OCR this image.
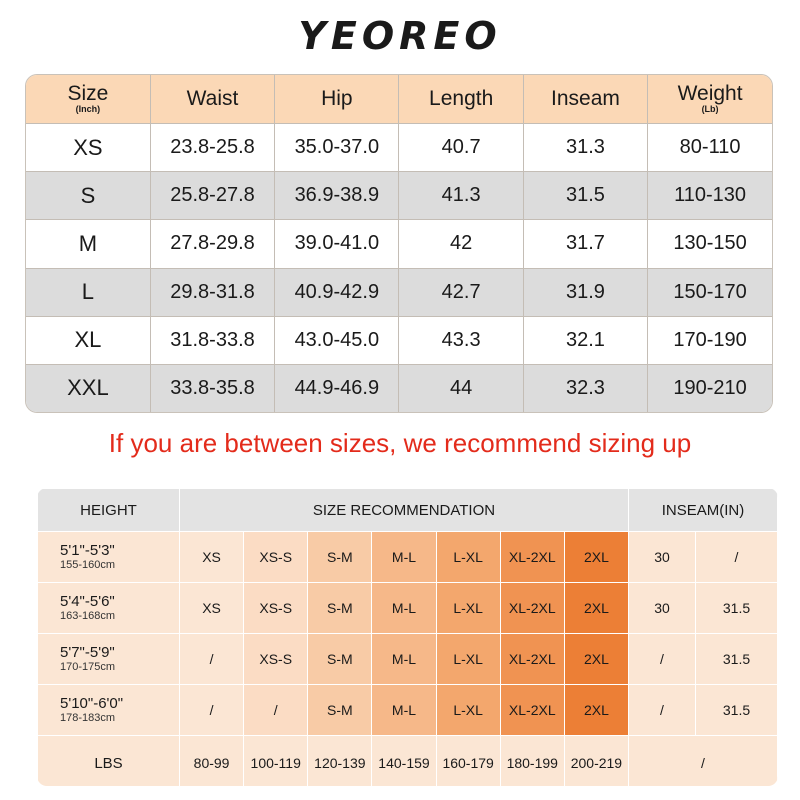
YEOREO
Size
(Inch)	Waist	Hip	Length	Inseam	Weight
(Lb)

XS	23.8-25.8	35.0-37.0	40.7	31.3	80-110
S	25.8-27.8	36.9-38.9	41.3	31.5	110-130
M	27.8-29.8	39.0-41.0	42	31.7	130-150
L	29.8-31.8	40.9-42.9	42.7	31.9	150-170
XL	31.8-33.8	43.0-45.0	43.3	32.1	170-190
XXL	33.8-35.8	44.9-46.9	44	32.3	190-210
If you are between sizes, we recommend sizing up
HEIGHT	SIZE RECOMMENDATION							INSEAM(IN)	

5'1"-5'3"
155-160cm	XS	XS-S	S-M	M-L	L-XL	XL-2XL	2XL	30	/

5'4"-5'6"
163-168cm	XS	XS-S	S-M	M-L	L-XL	XL-2XL	2XL	30	31.5

5'7"-5'9"
170-175cm	/	XS-S	S-M	M-L	L-XL	XL-2XL	2XL	/	31.5

5'10"-6'0"
178-183cm	/	/	S-M	M-L	L-XL	XL-2XL	2XL	/	31.5
LBS	80-99	100-119	120-139	140-159	160-179	180-199	200-219	/	
